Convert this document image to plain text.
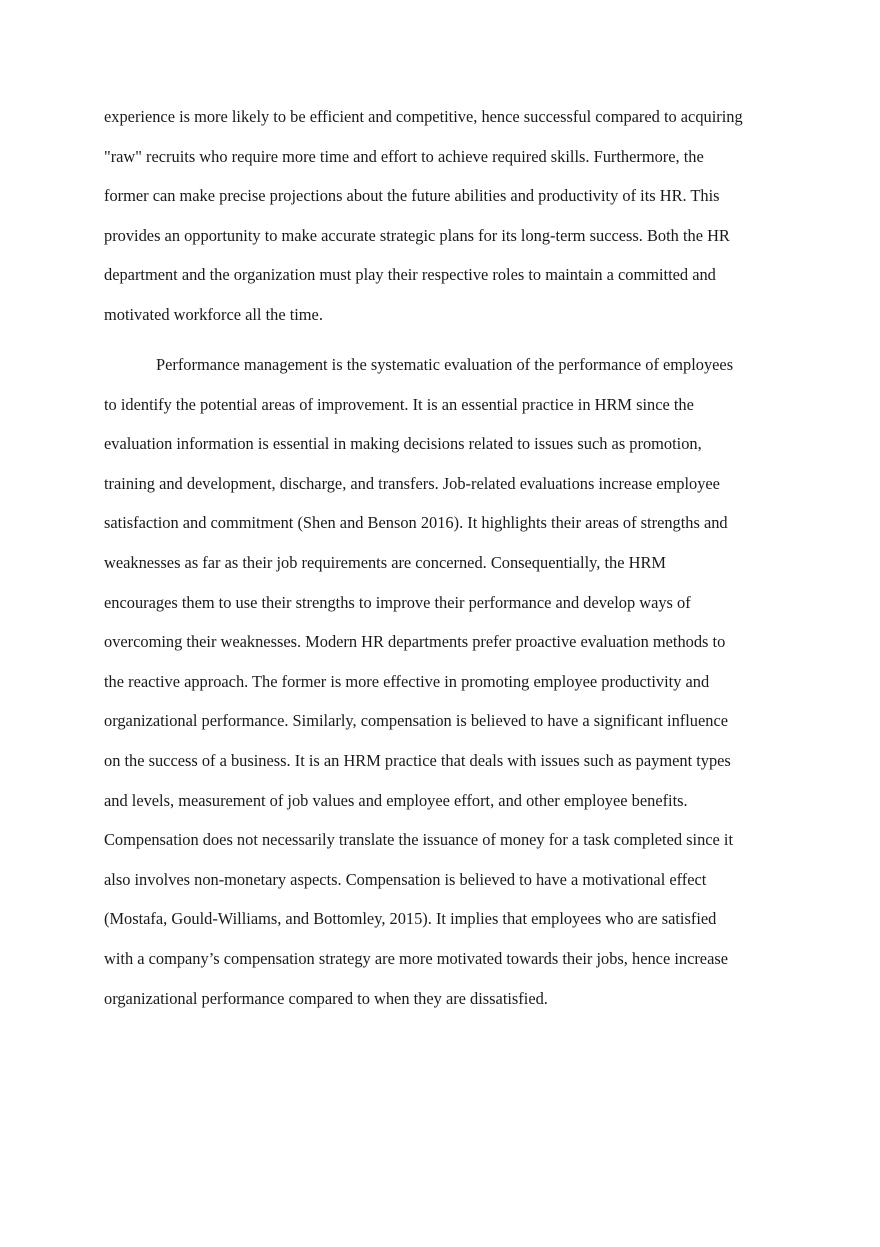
experience is more likely to be efficient and competitive, hence successful compared to acquiring
"raw" recruits who require more time and effort to achieve required skills. Furthermore, the
former can make precise projections about the future abilities and productivity of its HR. This
provides an opportunity to make accurate strategic plans for its long-term success. Both the HR
department and the organization must play their respective roles to maintain a committed and
motivated workforce all the time.
Performance management is the systematic evaluation of the performance of employees
to identify the potential areas of improvement. It is an essential practice in HRM since the
evaluation information is essential in making decisions related to issues such as promotion,
training and development, discharge, and transfers. Job-related evaluations increase employee
satisfaction and commitment (Shen and Benson 2016). It highlights their areas of strengths and
weaknesses as far as their job requirements are concerned. Consequentially, the HRM
encourages them to use their strengths to improve their performance and develop ways of
overcoming their weaknesses. Modern HR departments prefer proactive evaluation methods to
the reactive approach. The former is more effective in promoting employee productivity and
organizational performance. Similarly, compensation is believed to have a significant influence
on the success of a business. It is an HRM practice that deals with issues such as payment types
and levels, measurement of job values and employee effort, and other employee benefits.
Compensation does not necessarily translate the issuance of money for a task completed since it
also involves non-monetary aspects. Compensation is believed to have a motivational effect
(Mostafa, Gould-Williams, and Bottomley, 2015). It implies that employees who are satisfied
with a company’s compensation strategy are more motivated towards their jobs, hence increase
organizational performance compared to when they are dissatisfied.
